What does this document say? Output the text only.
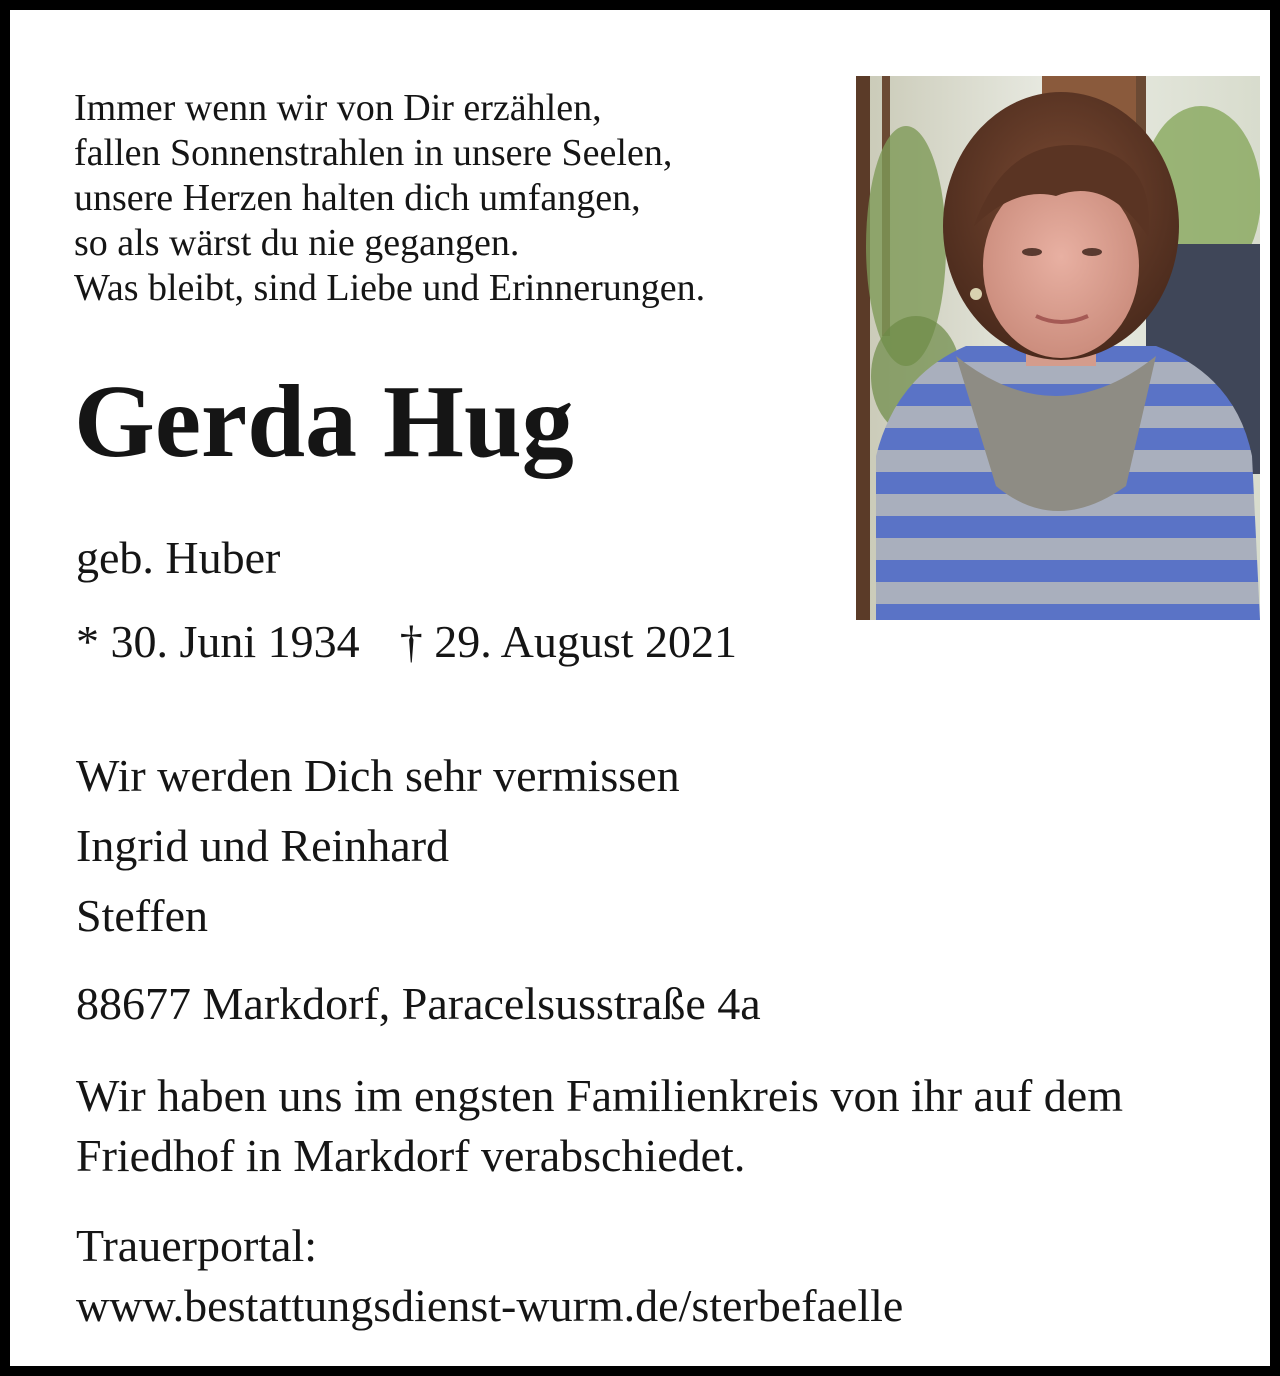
Immer wenn wir von Dir erzählen,
fallen Sonnenstrahlen in unsere Seelen,
unsere Herzen halten dich umfangen,
so als wärst du nie gegangen.
Was bleibt, sind Liebe und Erinnerungen.
Gerda Hug
geb. Huber
* 30. Juni 1934 † 29. August 2021
Wir werden Dich sehr vermissen
Ingrid und Reinhard
Steffen
88677 Markdorf, Paracelsusstraße 4a
Wir haben uns im engsten Familienkreis von ihr auf dem
Friedhof in Markdorf verabschiedet.
Trauerportal:
www.bestattungsdienst-wurm.de/sterbefaelle
